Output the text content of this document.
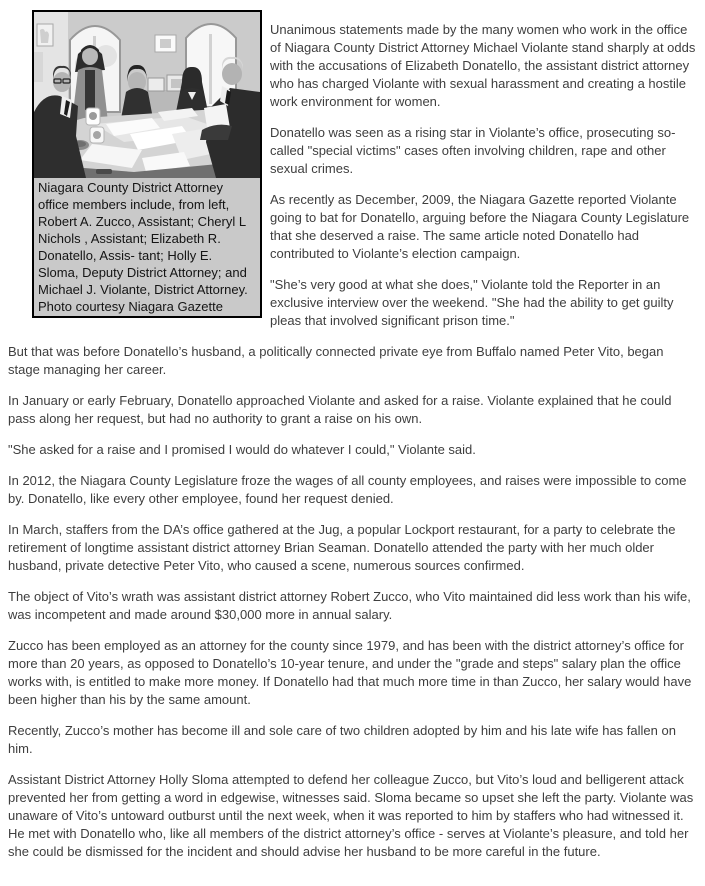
Niagara County District Attorney office members include, from left, Robert A. Zucco, Assistant; Cheryl L Nichols , Assistant; Elizabeth R. Donatello, Assis- tant; Holly E. Sloma, Deputy District Attorney; and Michael J. Violante, District Attorney. Photo courtesy Niagara Gazette

Unanimous statements made by the many women who work in the office of Niagara County District Attorney Michael Violante stand sharply at odds with the accusations of Elizabeth Donatello, the assistant district attorney who has charged Violante with sexual harassment and creating a hostile work environment for women.

Donatello was seen as a rising star in Violante’s office, prosecuting so-called "special victims" cases often involving children, rape and other sexual crimes.

As recently as December, 2009, the Niagara Gazette reported Violante going to bat for Donatello, arguing before the Niagara County Legislature that she deserved a raise. The same article noted Donatello had contributed to Violante’s election campaign.

"She’s very good at what she does," Violante told the Reporter in an exclusive interview over the weekend. "She had the ability to get guilty pleas that involved significant prison time."

But that was before Donatello’s husband, a politically connected private eye from Buffalo named Peter Vito, began stage managing her career.

In January or early February, Donatello approached Violante and asked for a raise. Violante explained that he could pass along her request, but had no authority to grant a raise on his own.

"She asked for a raise and I promised I would do whatever I could," Violante said.

In 2012, the Niagara County Legislature froze the wages of all county employees, and raises were impossible to come by. Donatello, like every other employee, found her request denied.

In March, staffers from the DA’s office gathered at the Jug, a popular Lockport restaurant, for a party to celebrate the retirement of longtime assistant district attorney Brian Seaman. Donatello attended the party with her much older husband, private detective Peter Vito, who caused a scene, numerous sources confirmed.

The object of Vito’s wrath was assistant district attorney Robert Zucco, who Vito maintained did less work than his wife, was incompetent and made around $30,000 more in annual salary.

Zucco has been employed as an attorney for the county since 1979, and has been with the district attorney’s office for more than 20 years, as opposed to Donatello’s 10-year tenure, and under the "grade and steps" salary plan the office works with, is entitled to make more money. If Donatello had that much more time in than Zucco, her salary would have been higher than his by the same amount.

Recently, Zucco’s mother has become ill and sole care of two children adopted by him and his late wife has fallen on him.

Assistant District Attorney Holly Sloma attempted to defend her colleague Zucco, but Vito’s loud and belligerent attack prevented her from getting a word in edgewise, witnesses said. Sloma became so upset she left the party. Violante was unaware of Vito’s untoward outburst until the next week, when it was reported to him by staffers who had witnessed it. He met with Donatello who, like all members of the district attorney’s office - serves at Violante’s pleasure, and told her she could be dismissed for the incident and should advise her husband to be more careful in the future.
